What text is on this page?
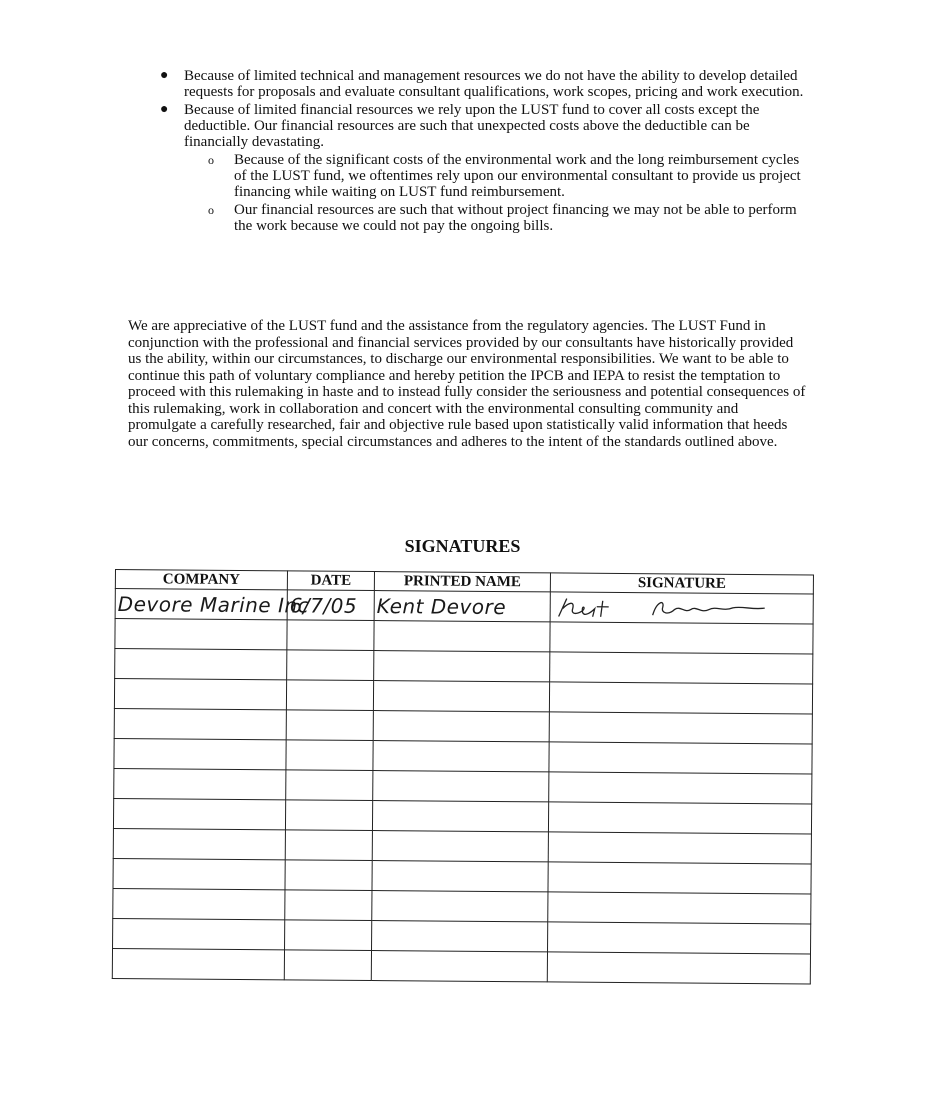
● Because of limited technical and management resources we do not have the ability to develop detailed requests for proposals and evaluate consultant qualifications, work scopes, pricing and work execution.
● Because of limited financial resources we rely upon the LUST fund to cover all costs except the deductible. Our financial resources are such that unexpected costs above the deductible can be financially devastating.
o Because of the significant costs of the environmental work and the long reimbursement cycles of the LUST fund, we oftentimes rely upon our environmental consultant to provide us project financing while waiting on LUST fund reimbursement.
o Our financial resources are such that without project financing we may not be able to perform the work because we could not pay the ongoing bills.
We are appreciative of the LUST fund and the assistance from the regulatory agencies. The LUST Fund in conjunction with the professional and financial services provided by our consultants have historically provided us the ability, within our circumstances, to discharge our environmental responsibilities. We want to be able to continue this path of voluntary compliance and hereby petition the IPCB and IEPA to resist the temptation to proceed with this rulemaking in haste and to instead fully consider the seriousness and potential consequences of this rulemaking, work in collaboration and concert with the environmental consulting community and promulgate a carefully researched, fair and objective rule based upon statistically valid information that heeds our concerns, commitments, special circumstances and adheres to the intent of the standards outlined above.
SIGNATURES
COMPANY	DATE	PRINTED NAME	SIGNATURE
Devore Marine Inc	6/7/05	Kent Devore	
